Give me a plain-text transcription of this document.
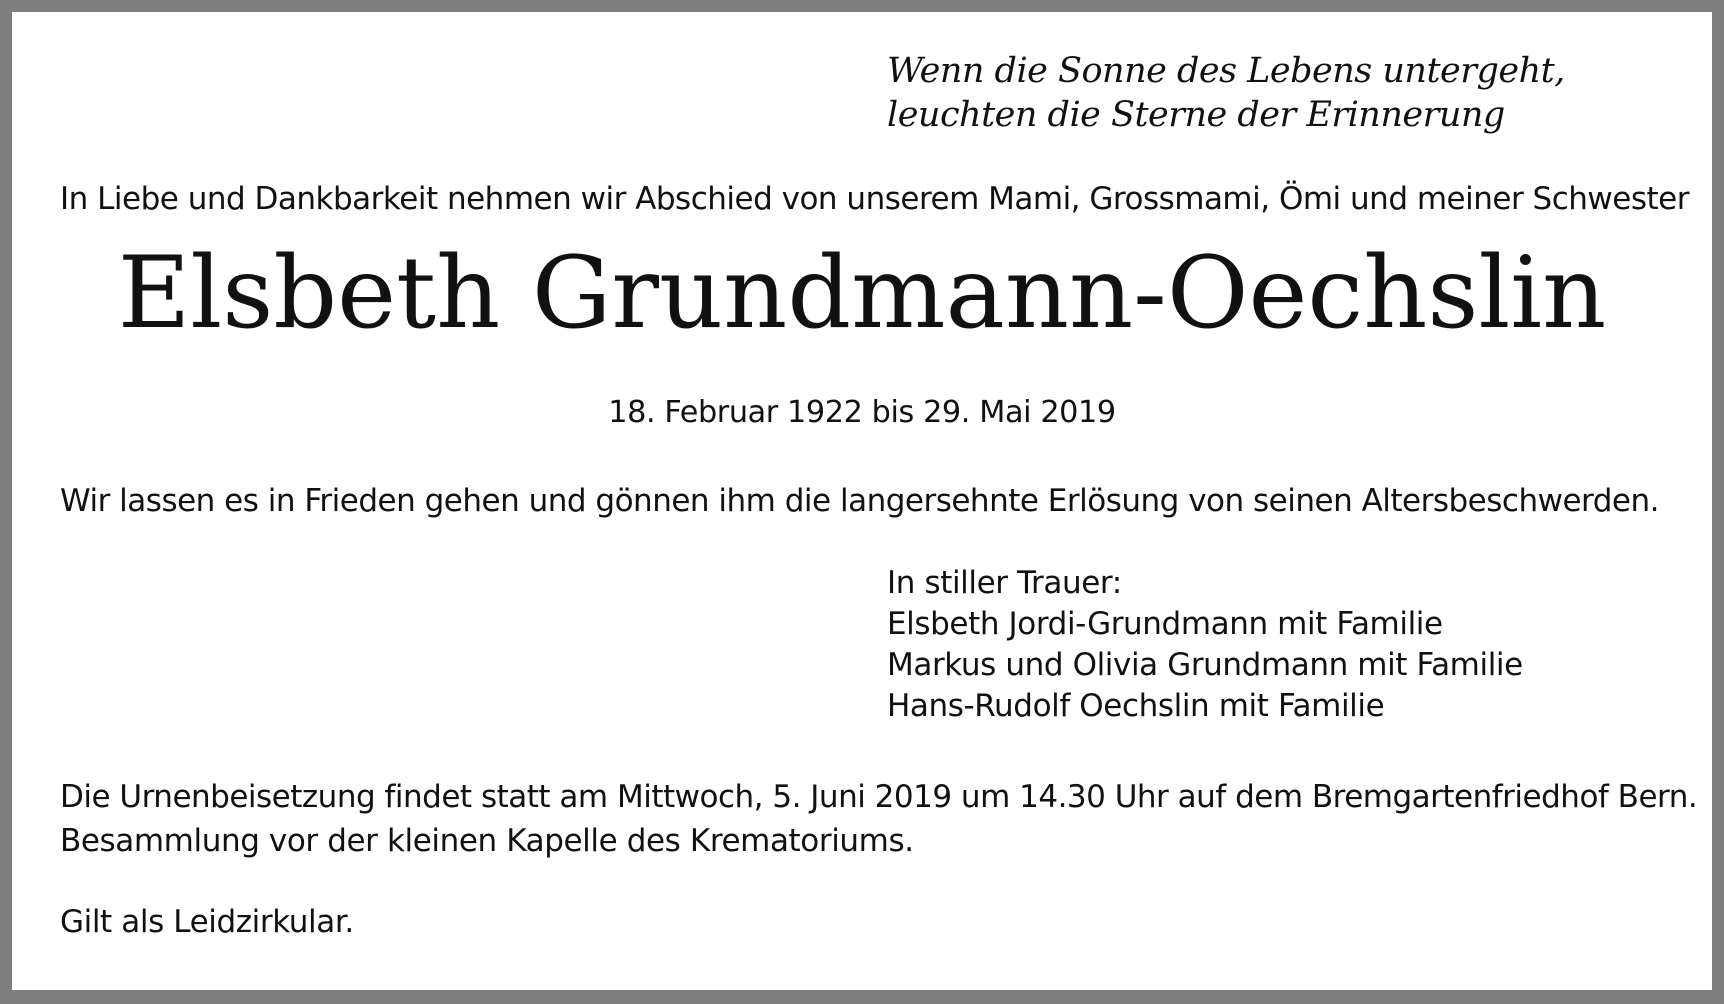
Wenn die Sonne des Lebens untergeht,
leuchten die Sterne der Erinnerung
In Liebe und Dankbarkeit nehmen wir Abschied von unserem Mami, Grossmami, Ömi und meiner Schwester
Elsbeth Grundmann-Oechslin
18. Februar 1922 bis 29. Mai 2019
Wir lassen es in Frieden gehen und gönnen ihm die langersehnte Erlösung von seinen Altersbeschwerden.
In stiller Trauer:
Elsbeth Jordi-Grundmann mit Familie
Markus und Olivia Grundmann mit Familie
Hans-Rudolf Oechslin mit Familie
Die Urnenbeisetzung findet statt am Mittwoch, 5. Juni 2019 um 14.30 Uhr auf dem Bremgartenfriedhof Bern.
Besammlung vor der kleinen Kapelle des Krematoriums.
Gilt als Leidzirkular.
